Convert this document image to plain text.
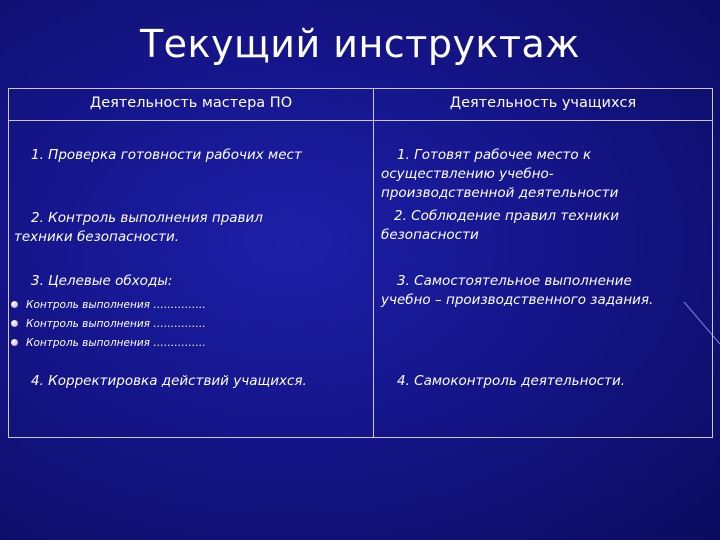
Текущий инструктаж
Деятельность мастера ПО	Деятельность учащихся
1. Проверка готовности рабочих мест
2. Контроль выполнения правил
техники безопасности.
3. Целевые обходы:
Контроль выполнения ……………
Контроль выполнения ……………
Контроль выполнения ……………
4. Корректировка действий учащихся.
1. Готовят рабочее место к
осуществлению учебно-
производственной деятельности
2. Соблюдение правил техники
безопасности
3. Самостоятельное выполнение
учебно – производственного задания.
4. Самоконтроль деятельности.
